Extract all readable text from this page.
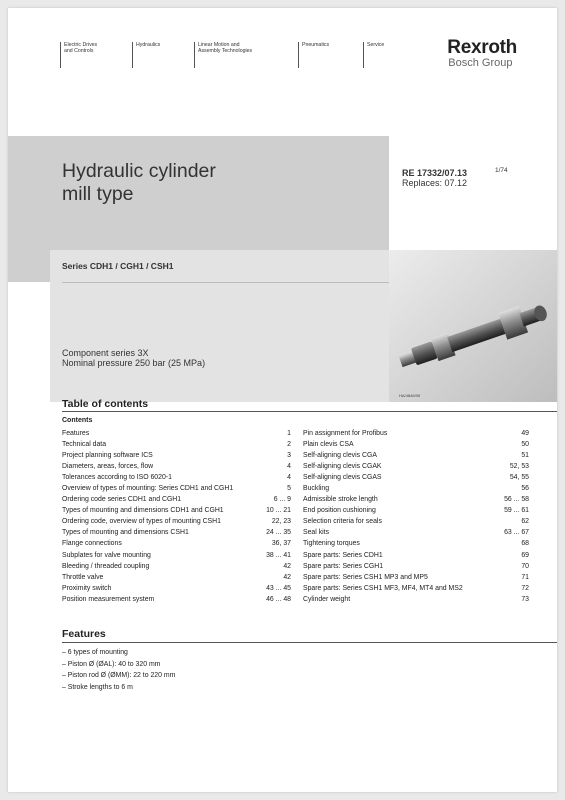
Electric Drives
and Controls
Hydraulics	Linear Motion and
Assembly Technologies
Pneumatics	Service	Rexroth
Bosch Group
Hydraulic cylinder
mill type
RE 17332/07.13
Replaces: 07.12
1/74
Series CDH1 / CGH1 / CSH1
Component series 3X
Nominal pressure 250 bar (25 MPa)
HA/4846/95
Table of contents
Contents
Features	1
Technical data	2
Project planning software ICS	3
Diameters, areas, forces, flow	4
Tolerances according to ISO 6020-1	4
Overview of types of mounting: Series CDH1 and CGH1	5
Ordering code series CDH1 and CGH1	6 ... 9
Types of mounting and dimensions CDH1 and CGH1	10 ... 21
Ordering code, overview of types of mounting CSH1	22, 23
Types of mounting and dimensions CSH1	24 ... 35
Flange connections	36, 37
Subplates for valve mounting	38 ... 41
Bleeding / threaded coupling	42
Throttle valve	42
Proximity switch	43 ... 45
Position measurement system	46 ... 48
Pin assignment for Profibus	49
Plain clevis CSA	50
Self-aligning clevis CGA	51
Self-aligning clevis CGAK	52, 53
Self-aligning clevis CGAS	54, 55
Buckling	56
Admissible stroke length	56 ... 58
End position cushioning	59 ... 61
Selection criteria for seals	62
Seal kits	63 ... 67
Tightening torques	68
Spare parts: Series CDH1	69
Spare parts: Series CGH1	70
Spare parts: Series CSH1 MP3 and MP5	71
Spare parts: Series CSH1 MF3, MF4, MT4 and MS2	72
Cylinder weight	73
Features
– 6 types of mounting
– Piston Ø (ØAL): 40 to 320 mm
– Piston rod Ø (ØMM): 22 to 220 mm
– Stroke lengths to 6 m
